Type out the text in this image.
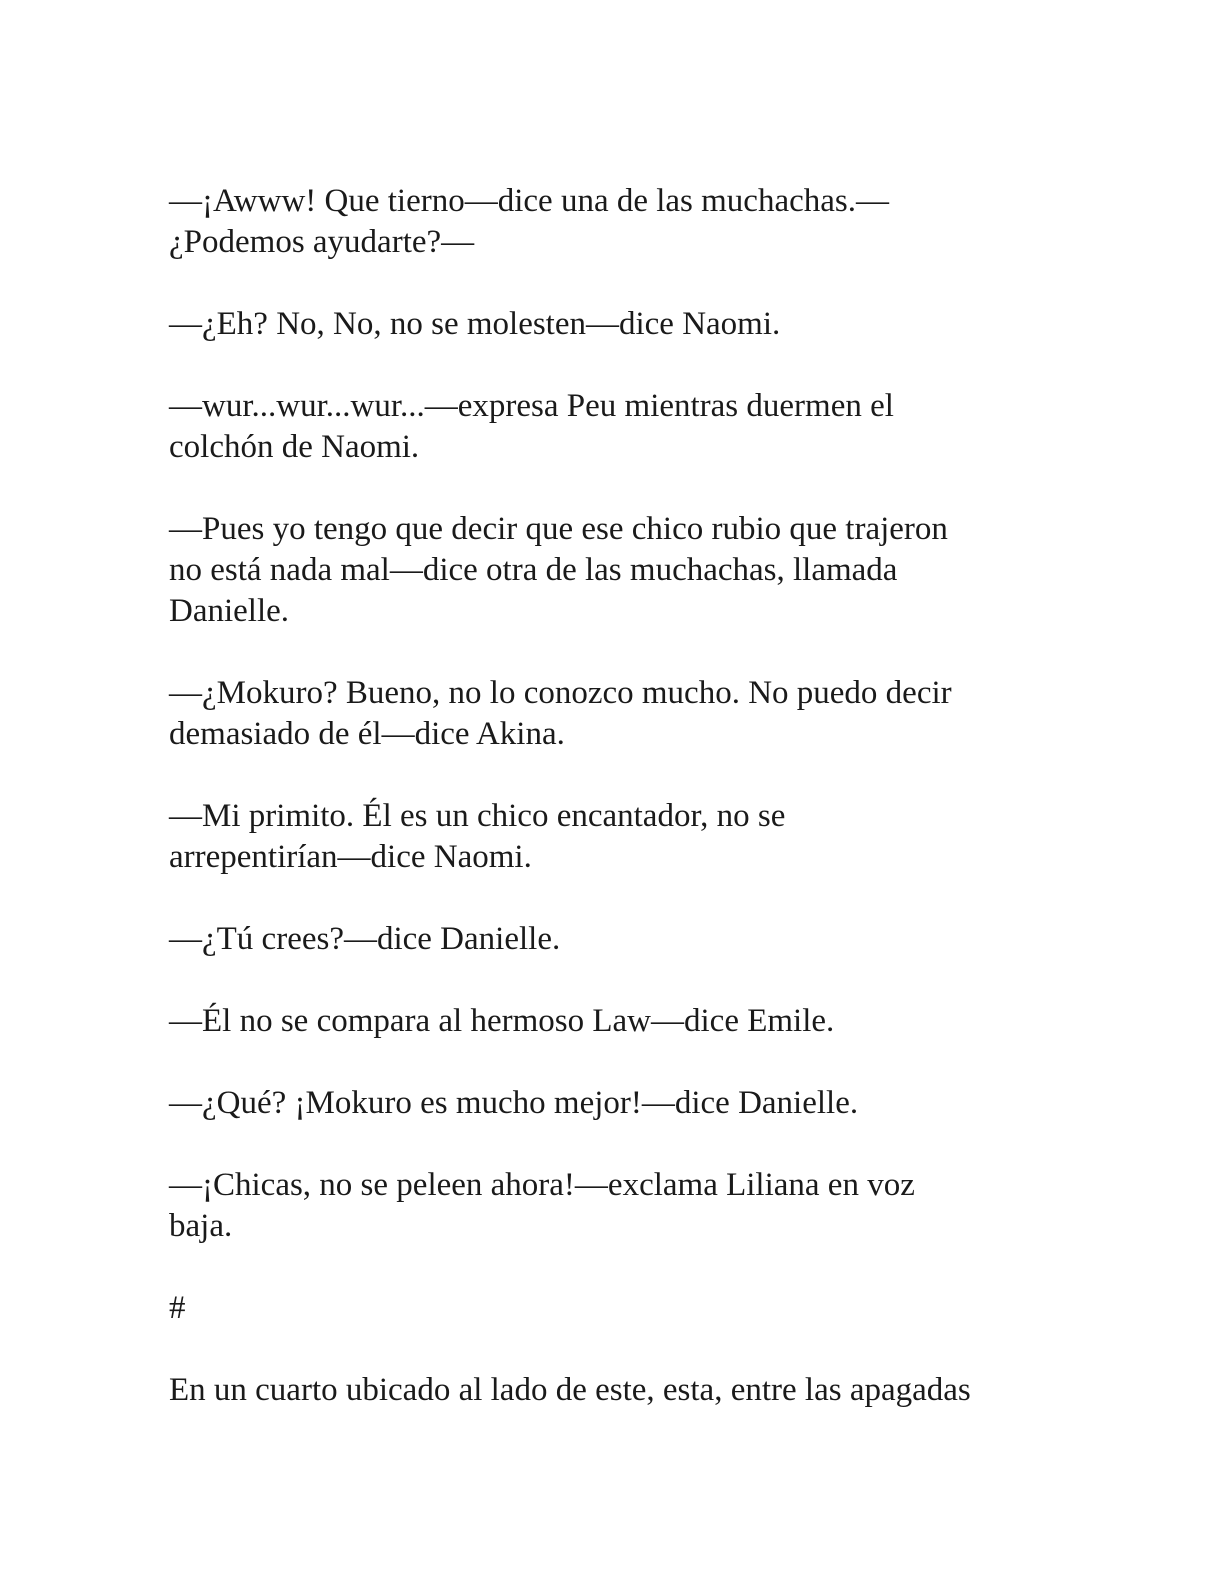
—¡Awww! Que tierno—dice una de las muchachas.—
¿Podemos ayudarte?—

—¿Eh? No, No, no se molesten—dice Naomi.

—wur...wur...wur...—expresa Peu mientras duermen el
colchón de Naomi.

—Pues yo tengo que decir que ese chico rubio que trajeron
no está nada mal—dice otra de las muchachas, llamada
Danielle.

—¿Mokuro? Bueno, no lo conozco mucho. No puedo decir
demasiado de él—dice Akina.

—Mi primito. Él es un chico encantador, no se
arrepentirían—dice Naomi.

—¿Tú crees?—dice Danielle.

—Él no se compara al hermoso Law—dice Emile.

—¿Qué? ¡Mokuro es mucho mejor!—dice Danielle.

—¡Chicas, no se peleen ahora!—exclama Liliana en voz
baja.

#

En un cuarto ubicado al lado de este, esta, entre las apagadas
